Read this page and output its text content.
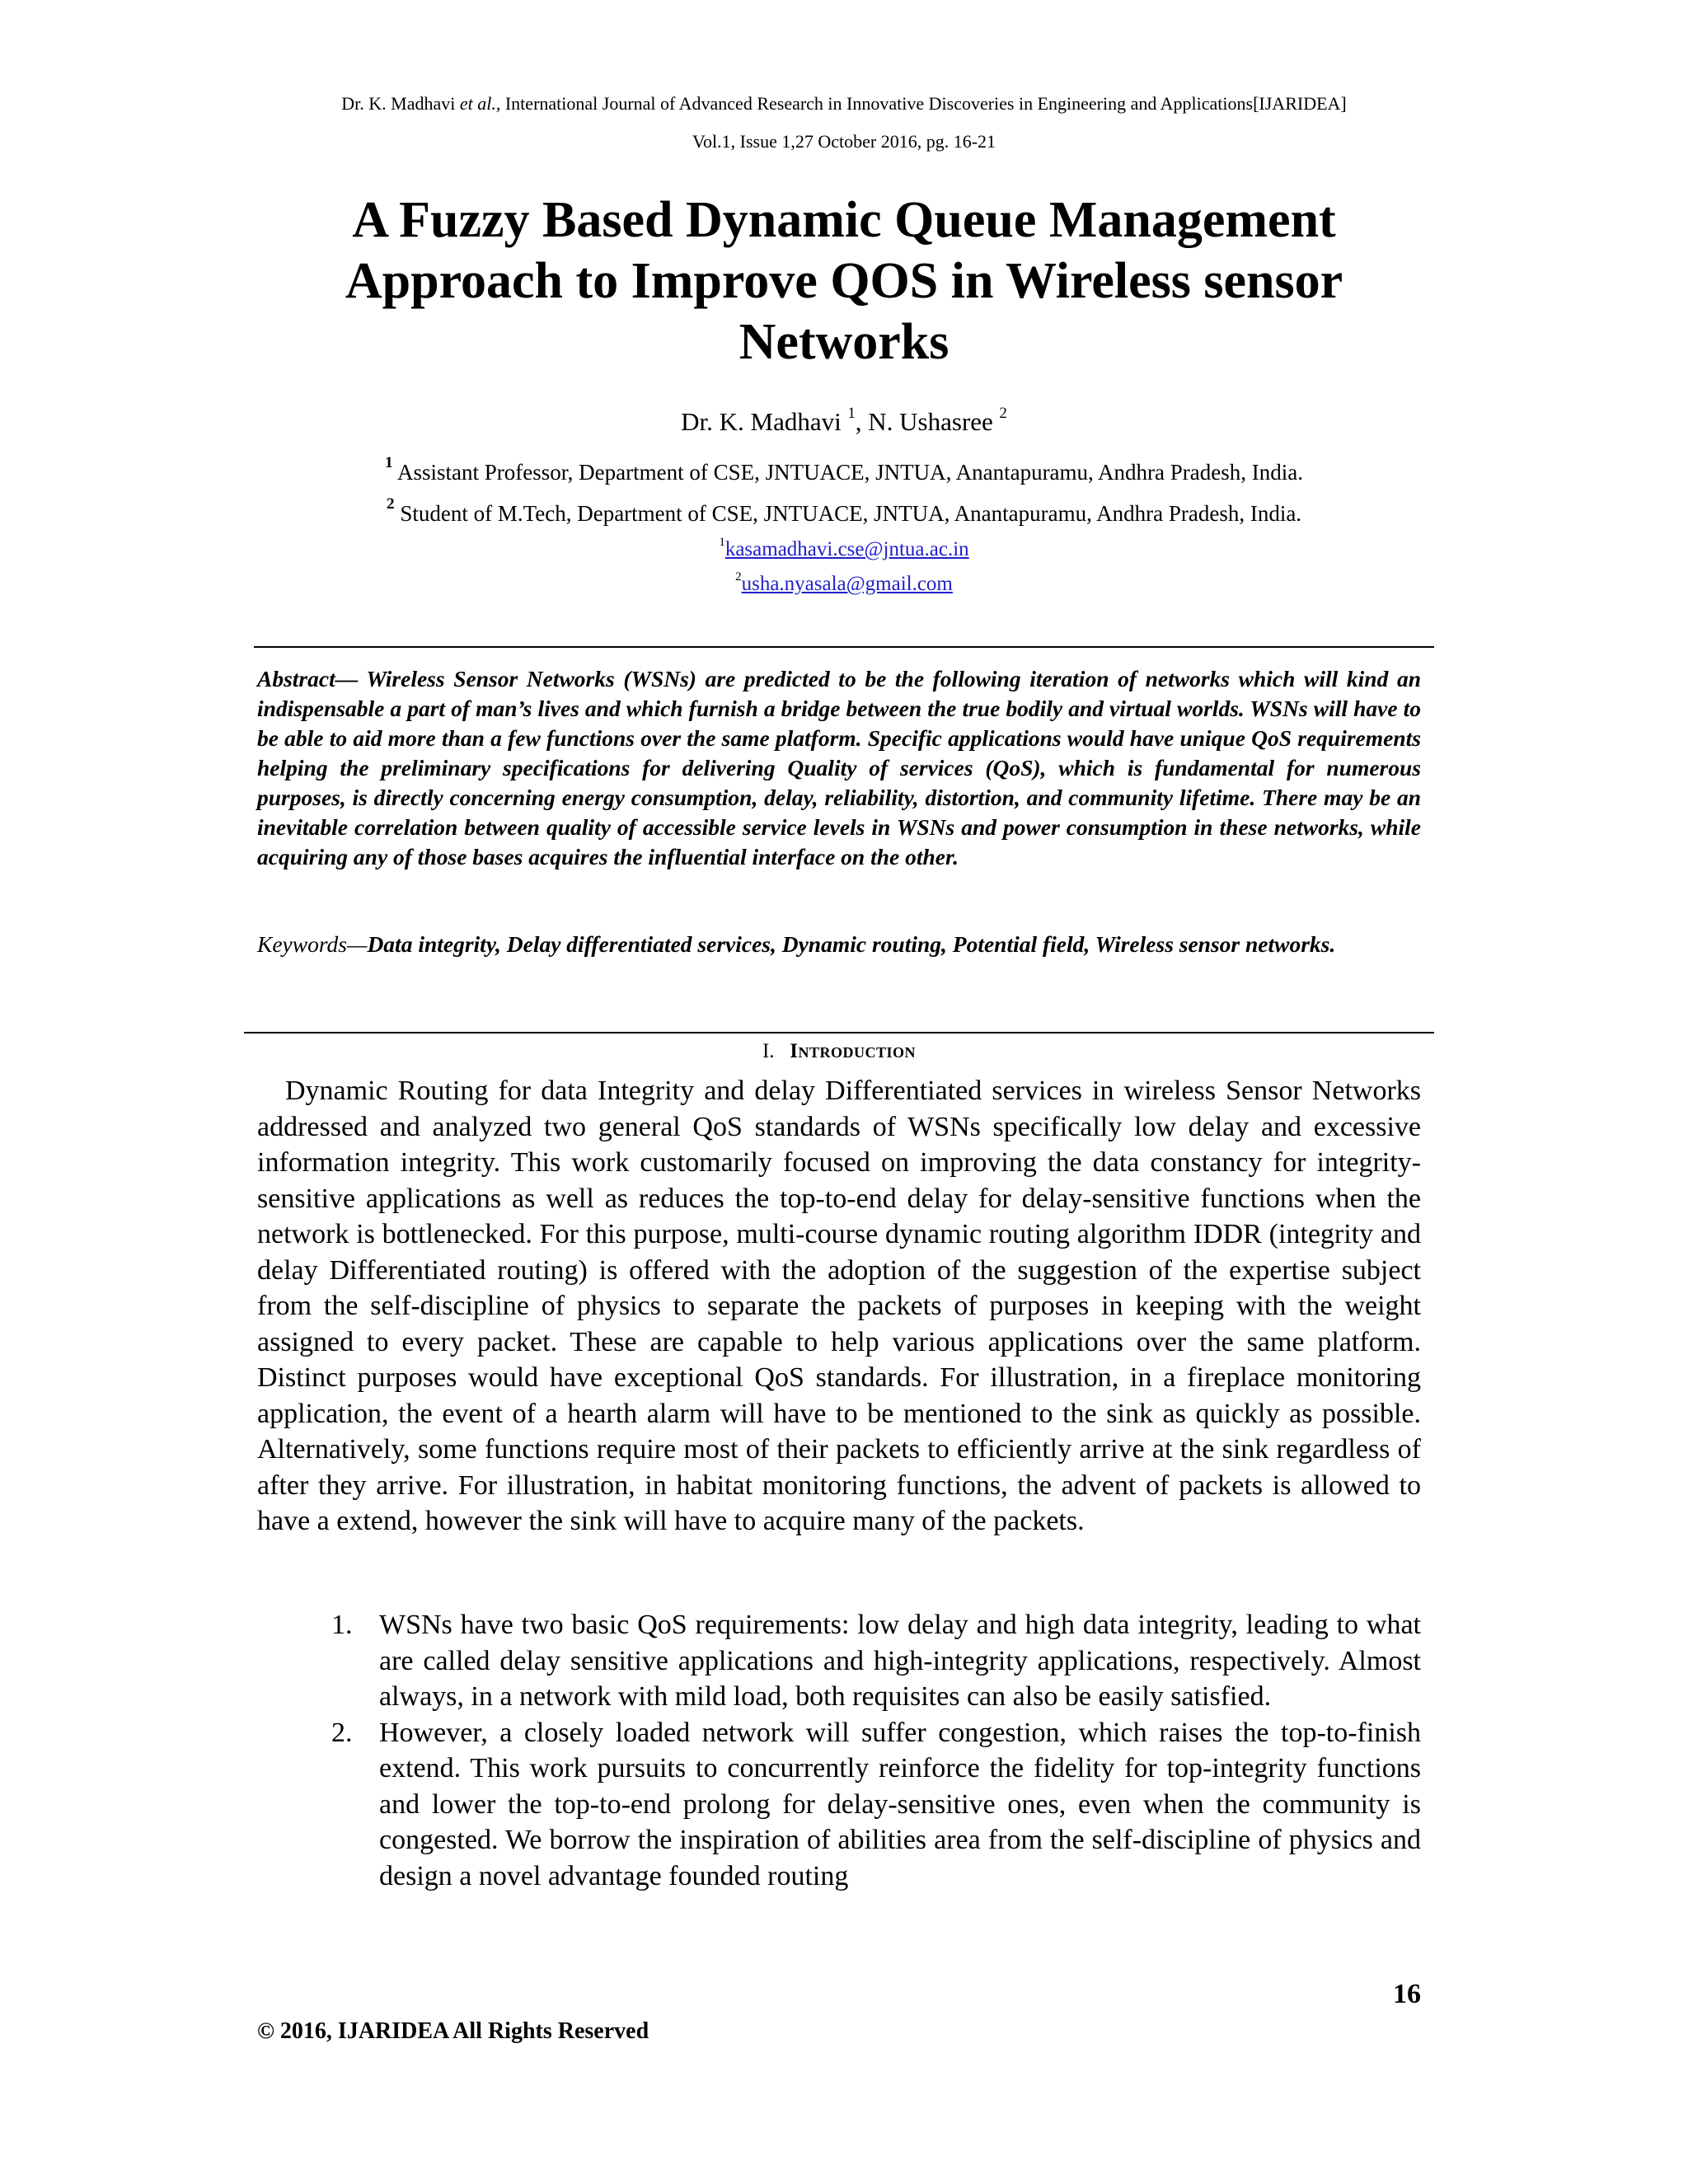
Dr. K. Madhavi et al., International Journal of Advanced Research in Innovative Discoveries in Engineering and Applications[IJARIDEA]
Vol.1, Issue 1,27 October 2016, pg. 16-21
A Fuzzy Based Dynamic Queue Management Approach to Improve QOS in Wireless sensor Networks
Dr. K. Madhavi $^1$, N. Ushasree $^2$
$^1$ Assistant Professor, Department of CSE, JNTUACE, JNTUA, Anantapuramu, Andhra Pradesh, India.
$^2$ Student of M.Tech, Department of CSE, JNTUACE, JNTUA, Anantapuramu, Andhra Pradesh, India.
$^1$kasamadhavi.cse@jntua.ac.in
$^2$usha.nyasala@gmail.com

Abstract— Wireless Sensor Networks (WSNs) are predicted to be the following iteration of networks which will kind an indispensable a part of man’s lives and which furnish a bridge between the true bodily and virtual worlds. WSNs will have to be able to aid more than a few functions over the same platform. Specific applications would have unique QoS requirements helping the preliminary specifications for delivering Quality of services (QoS), which is fundamental for numerous purposes, is directly concerning energy consumption, delay, reliability, distortion, and community lifetime. There may be an inevitable correlation between quality of accessible service levels in WSNs and power consumption in these networks, while acquiring any of those bases acquires the influential interface on the other.

Keywords—Data integrity, Delay differentiated services, Dynamic routing, Potential field, Wireless sensor networks.
I. Introduction

 Dynamic Routing for data Integrity and delay Differentiated services in wireless Sensor Networks addressed and analyzed two general QoS standards of WSNs specifically low delay and excessive information integrity. This work customarily focused on improving the data constancy for integrity-sensitive applications as well as reduces the top-to-end delay for delay-sensitive functions when the network is bottlenecked. For this purpose, multi-course dynamic routing algorithm IDDR (integrity and delay Differentiated routing) is offered with the adoption of the suggestion of the expertise subject from the self-discipline of physics to separate the packets of purposes in keeping with the weight assigned to every packet. These are capable to help various applications over the same platform. Distinct purposes would have exceptional QoS standards. For illustration, in a fireplace monitoring application, the event of a hearth alarm will have to be mentioned to the sink as quickly as possible. Alternatively, some functions require most of their packets to efficiently arrive at the sink regardless of after they arrive. For illustration, in habitat monitoring functions, the advent of packets is allowed to have a extend, however the sink will have to acquire many of the packets.

1. WSNs have two basic QoS requirements: low delay and high data integrity, leading to what are called delay sensitive applications and high-integrity applications, respectively. Almost always, in a network with mild load, both requisites can also be easily satisfied.
2. However, a closely loaded network will suffer congestion, which raises the top-to-finish extend. This work pursuits to concurrently reinforce the fidelity for top-integrity functions and lower the top-to-end prolong for delay-sensitive ones, even when the community is congested. We borrow the inspiration of abilities area from the self-discipline of physics and design a novel advantage founded routing
16
© 2016, IJARIDEA All Rights Reserved
